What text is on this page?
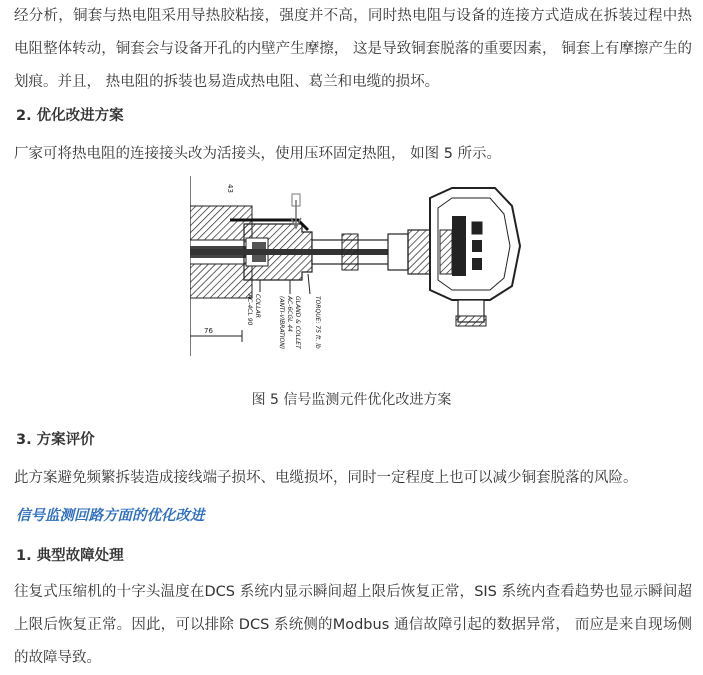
经分析，铜套与热电阻采用导热胶粘接，强度并不高，同时热电阻与设备的连接方式造成在拆装过程中热电阻整体转动，铜套会与设备开孔的内壁产生摩擦， 这是导致铜套脱落的重要因素， 铜套上有摩擦产生的划痕。并且， 热电阻的拆装也易造成热电阻、葛兰和电缆的损坏。

2. 优化改进方案

厂家可将热电阻的连接接头改为活接头，使用压环固定热阻， 如图 5 所示。

76
43
COLLAR
AC-4CL 90	GLAND & COLLET
AC-6CGL 44
(ANTI-VIBRATION)	TORQUE: 75 ft. lb

图 5 信号监测元件优化改进方案

3. 方案评价

此方案避免频繁拆装造成接线端子损坏、电缆损坏，同时一定程度上也可以减少铜套脱落的风险。

信号监测回路方面的优化改进

1. 典型故障处理

往复式压缩机的十字头温度在DCS 系统内显示瞬间超上限后恢复正常，SIS 系统内查看趋势也显示瞬间超上限后恢复正常。因此，可以排除 DCS 系统侧的Modbus 通信故障引起的数据异常， 而应是来自现场侧的故障导致。
